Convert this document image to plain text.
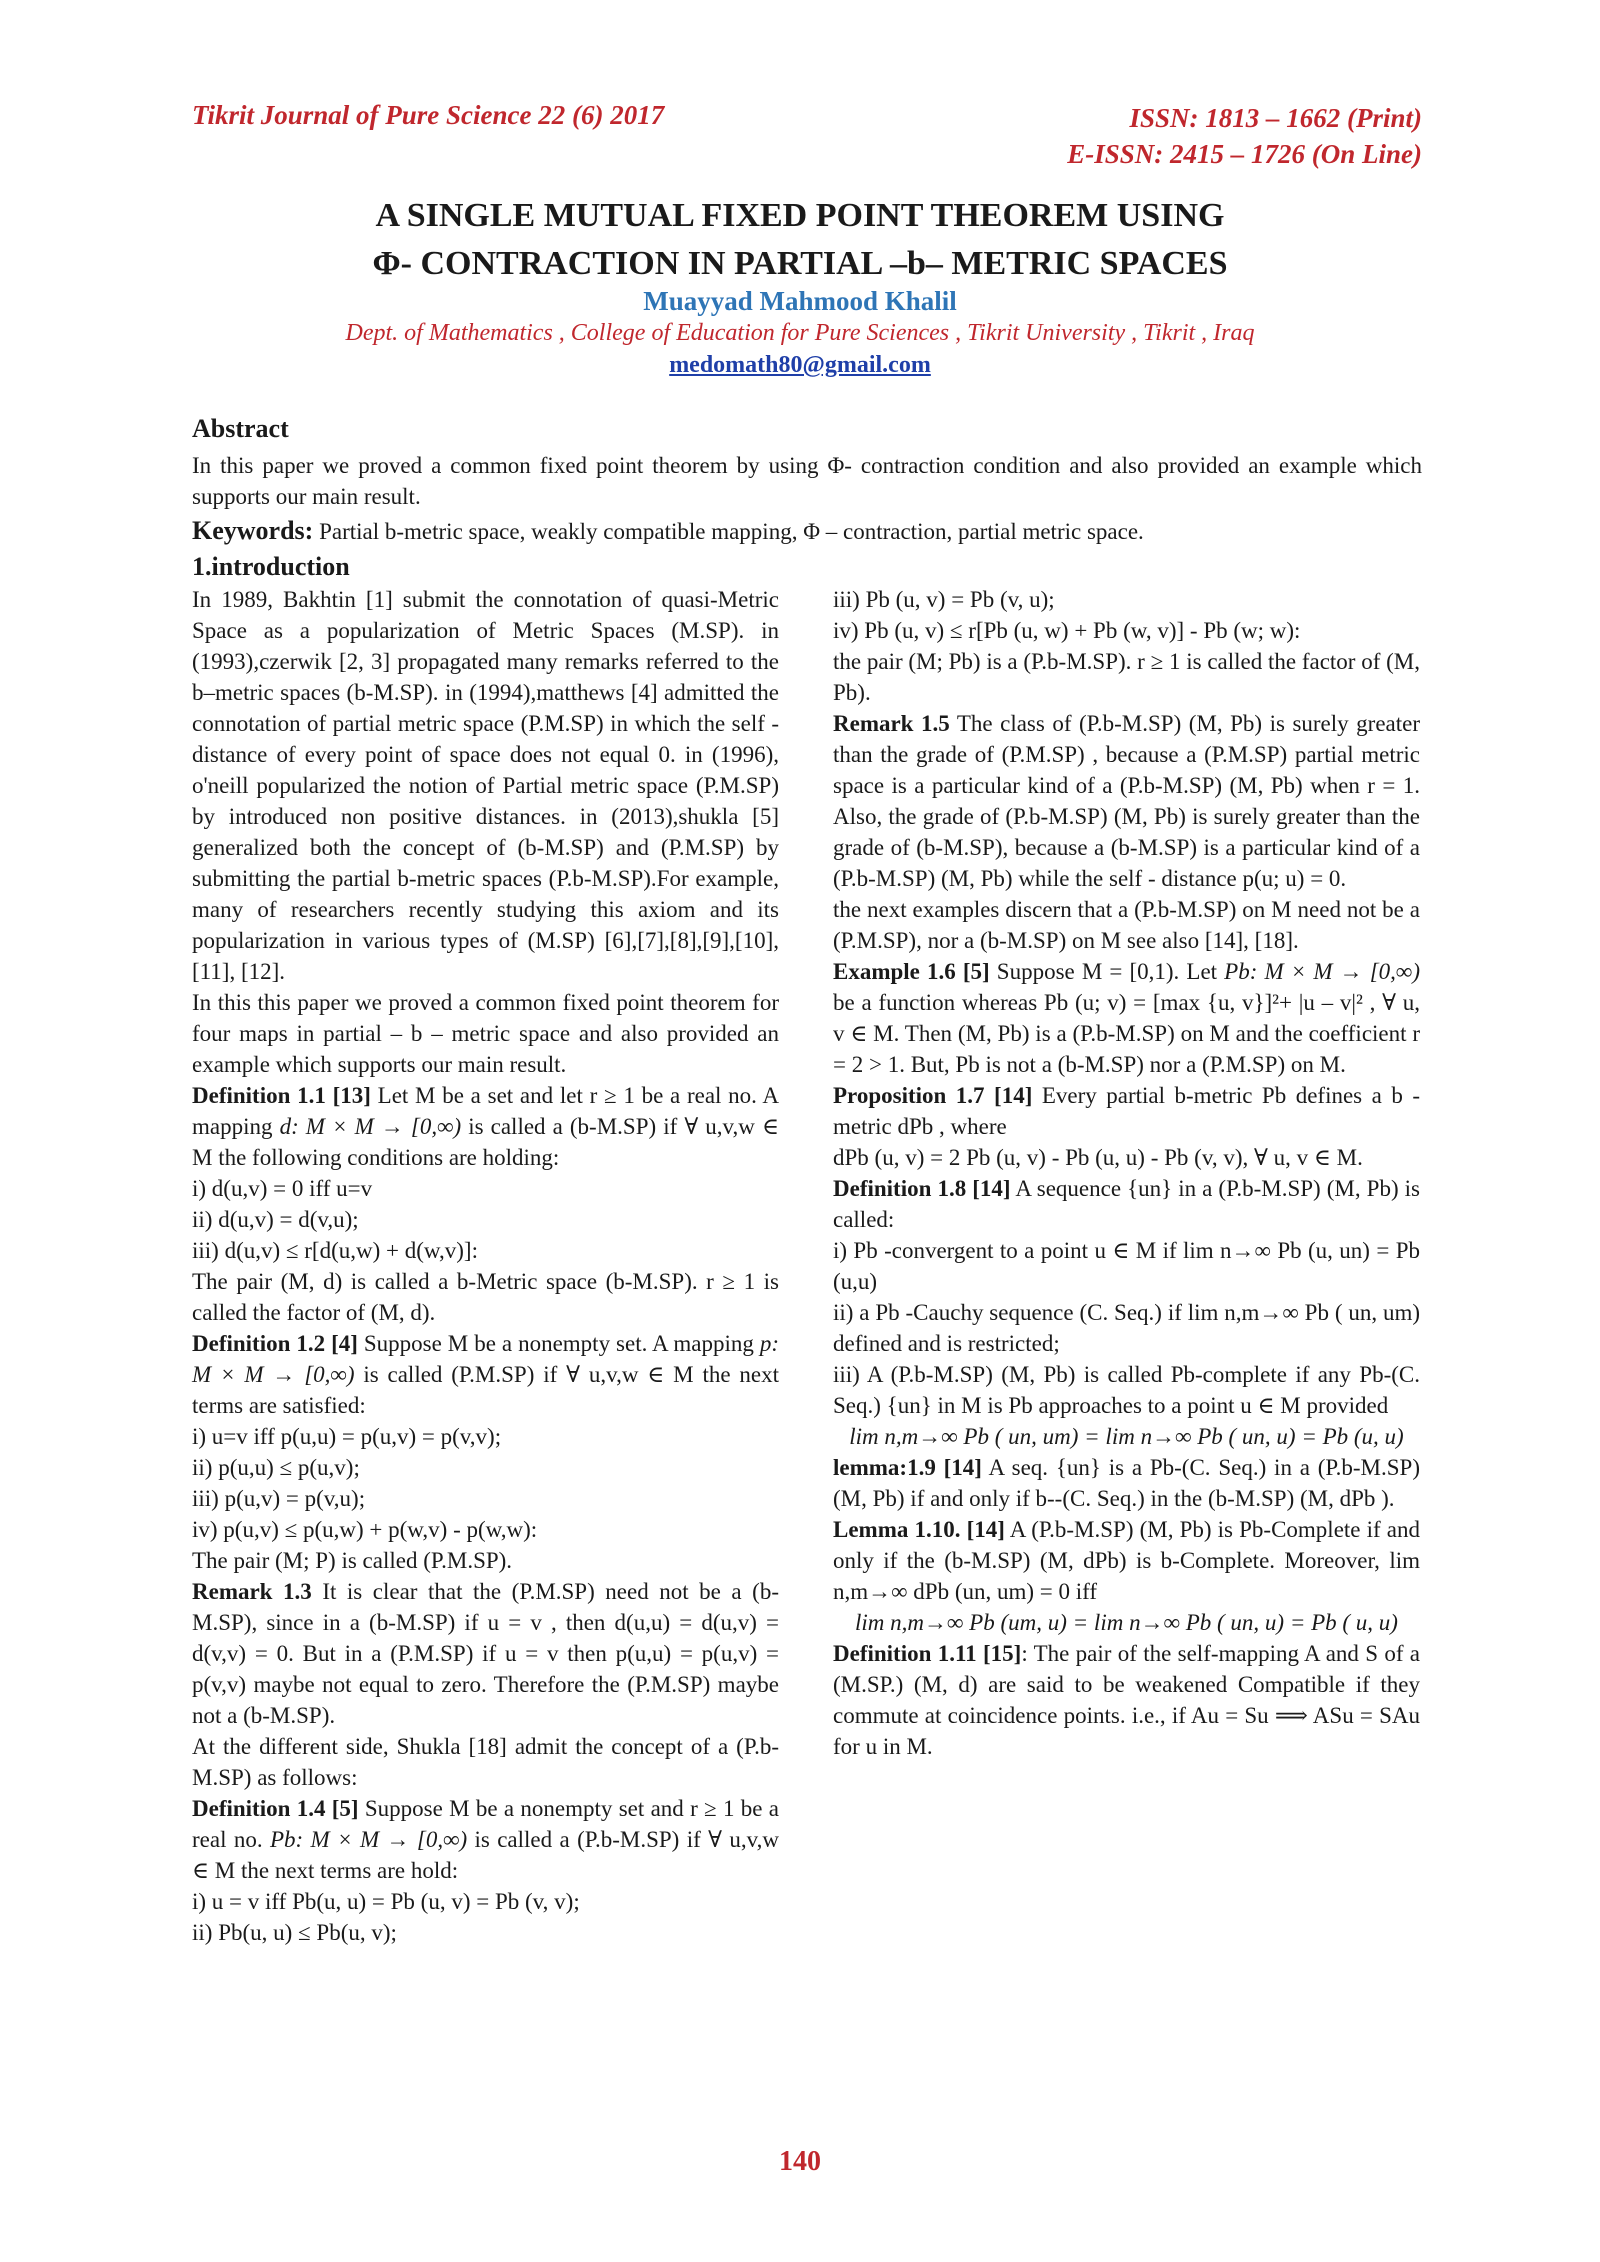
Tikrit Journal of Pure Science 22 (6) 2017	ISSN: 1813 – 1662 (Print)
E-ISSN: 2415 – 1726 (On Line)
A SINGLE MUTUAL FIXED POINT THEOREM USING
Φ- CONTRACTION IN PARTIAL –b– METRIC SPACES
Muayyad Mahmood Khalil
Dept. of Mathematics , College of Education for Pure Sciences , Tikrit University , Tikrit , Iraq
medomath80@gmail.com
Abstract
In this paper we proved a common fixed point theorem by using Φ- contraction condition and also provided an example which supports our main result.
Keywords: Partial b-metric space, weakly compatible mapping, Φ – contraction, partial metric space.
1.introduction

In 1989, Bakhtin [1] submit the connotation of quasi-Metric Space as a popularization of Metric Spaces (M.SP). in (1993),czerwik [2, 3] propagated many remarks referred to the b–metric spaces (b-M.SP). in (1994),matthews [4] admitted the connotation of partial metric space (P.M.SP) in which the self - distance of every point of space does not equal 0. in (1996), o'neill popularized the notion of Partial metric space (P.M.SP) by introduced non positive distances. in (2013),shukla [5] generalized both the concept of (b-M.SP) and (P.M.SP) by submitting the partial b-metric spaces (P.b-M.SP).For example, many of researchers recently studying this axiom and its popularization in various types of (M.SP) [6],[7],[8],[9],[10],[11], [12].

In this this paper we proved a common fixed point theorem for four maps in partial – b – metric space and also provided an example which supports our main result.

Definition 1.1 [13] Let M be a set and let r ≥ 1 be a real no. A mapping d: M × M → [0,∞) is called a (b-M.SP) if ∀ u,v,w ∈ M the following conditions are holding:

i) d(u,v) = 0 iff u=v

ii) d(u,v) = d(v,u);

iii) d(u,v) ≤ r[d(u,w) + d(w,v)]:

The pair (M, d) is called a b-Metric space (b-M.SP). r ≥ 1 is called the factor of (M, d).

Definition 1.2 [4] Suppose M be a nonempty set. A mapping p: M × M → [0,∞) is called (P.M.SP) if ∀ u,v,w ∈ M the next terms are satisfied:

i) u=v iff p(u,u) = p(u,v) = p(v,v);

ii) p(u,u) ≤ p(u,v);

iii) p(u,v) = p(v,u);

iv) p(u,v) ≤ p(u,w) + p(w,v) - p(w,w):

The pair (M; P) is called (P.M.SP).

Remark 1.3 It is clear that the (P.M.SP) need not be a (b-M.SP), since in a (b-M.SP) if u = v , then d(u,u) = d(u,v) = d(v,v) = 0. But in a (P.M.SP) if u = v then p(u,u) = p(u,v) = p(v,v) maybe not equal to zero. Therefore the (P.M.SP) maybe not a (b-M.SP).

At the different side, Shukla [18] admit the concept of a (P.b-M.SP) as follows:

Definition 1.4 [5] Suppose M be a nonempty set and r ≥ 1 be a real no. Pb: M × M → [0,∞) is called a (P.b-M.SP) if ∀ u,v,w ∈ M the next terms are hold:

i) u = v iff Pb(u, u) = Pb (u, v) = Pb (v, v);

ii) Pb(u, u) ≤ Pb(u, v);

iii) Pb (u, v) = Pb (v, u);

iv) Pb (u, v) ≤ r[Pb (u, w) + Pb (w, v)] - Pb (w; w):

the pair (M; Pb) is a (P.b-M.SP). r ≥ 1 is called the factor of (M, Pb).

Remark 1.5 The class of (P.b-M.SP) (M, Pb) is surely greater than the grade of (P.M.SP) , because a (P.M.SP) partial metric space is a particular kind of a (P.b-M.SP) (M, Pb) when r = 1. Also, the grade of (P.b-M.SP) (M, Pb) is surely greater than the grade of (b-M.SP), because a (b-M.SP) is a particular kind of a (P.b-M.SP) (M, Pb) while the self - distance p(u; u) = 0.

the next examples discern that a (P.b-M.SP) on M need not be a (P.M.SP), nor a (b-M.SP) on M see also [14], [18].

Example 1.6 [5] Suppose M = [0,1). Let Pb: M × M → [0,∞) be a function whereas Pb (u; v) = [max {u, v}]²+ |u – v|² , ∀ u, v ∈ M. Then (M, Pb) is a (P.b-M.SP) on M and the coefficient r = 2 > 1. But, Pb is not a (b-M.SP) nor a (P.M.SP) on M.

Proposition 1.7 [14] Every partial b-metric Pb defines a b - metric dPb , where

dPb (u, v) = 2 Pb (u, v) - Pb (u, u) - Pb (v, v), ∀ u, v ∈ M.

Definition 1.8 [14] A sequence {un} in a (P.b-M.SP) (M, Pb) is called:

i) Pb -convergent to a point u ∈ M if lim n→∞ Pb (u, un) = Pb (u,u)

ii) a Pb -Cauchy sequence (C. Seq.) if lim n,m→∞ Pb ( un, um) defined and is restricted;

iii) A (P.b-M.SP) (M, Pb) is called Pb-complete if any Pb-(C. Seq.) {un} in M is Pb approaches to a point u ∈ M provided

lim n,m→∞ Pb ( un, um) = lim n→∞ Pb ( un, u) = Pb (u, u)

lemma:1.9 [14] A seq. {un} is a Pb-(C. Seq.) in a (P.b-M.SP) (M, Pb) if and only if b--(C. Seq.) in the (b-M.SP) (M, dPb ).

Lemma 1.10. [14] A (P.b-M.SP) (M, Pb) is Pb-Complete if and only if the (b-M.SP) (M, dPb) is b-Complete. Moreover, lim n,m→∞ dPb (un, um) = 0 iff

lim n,m→∞ Pb (um, u) = lim n→∞ Pb ( un, u) = Pb ( u, u)

Definition 1.11 [15]: The pair of the self-mapping A and S of a (M.SP.) (M, d) are said to be weakened Compatible if they commute at coincidence points. i.e., if Au = Su ⟹ ASu = SAu for u in M.

140
